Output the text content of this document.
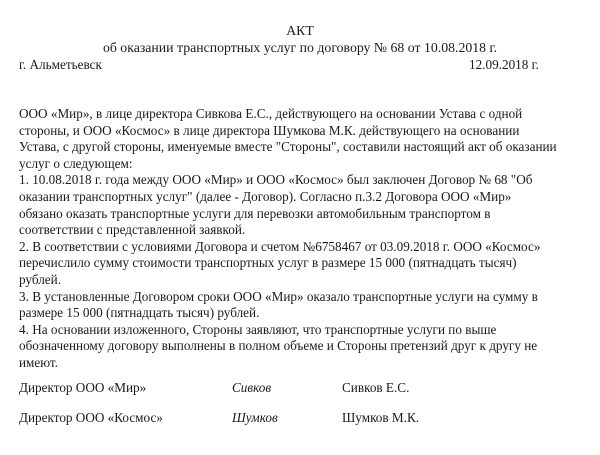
АКТ
об оказании транспортных услуг по договору № 68 от 10.08.2018 г.
г. Альметьевск	12.09.2018 г.

ООО «Мир», в лице директора Сивкова Е.С., действующего на основании Устава с одной

стороны, и ООО «Космос» в лице директора Шумкова М.К. действующего на основании

Устава, с другой стороны, именуемые вместе "Стороны", составили настоящий акт об оказании

услуг о следующем:

1. 10.08.2018 г. года между ООО «Мир» и ООО «Космос» был заключен Договор № 68 "Об

оказании транспортных услуг" (далее - Договор). Согласно п.3.2 Договора ООО «Мир»

обязано оказать транспортные услуги для перевозки автомобильным транспортом в

соответствии с представленной заявкой.

2. В соответствии с условиями Договора и счетом №6758467 от 03.09.2018 г. ООО «Космос»

перечислило сумму стоимости транспортных услуг в размере 15 000 (пятнадцать тысяч)

рублей.

3. В установленные Договором сроки ООО «Мир» оказало транспортные услуги на сумму в

размере 15 000 (пятнадцать тысяч) рублей.

4. На основании изложенного, Стороны заявляют, что транспортные услуги по выше

обозначенному договору выполнены в полном объеме и Стороны претензий друг к другу не

имеют.

Директор ООО «Мир»	Сивков	Сивков Е.С.
Директор ООО «Космос»	Шумков	Шумков М.К.
